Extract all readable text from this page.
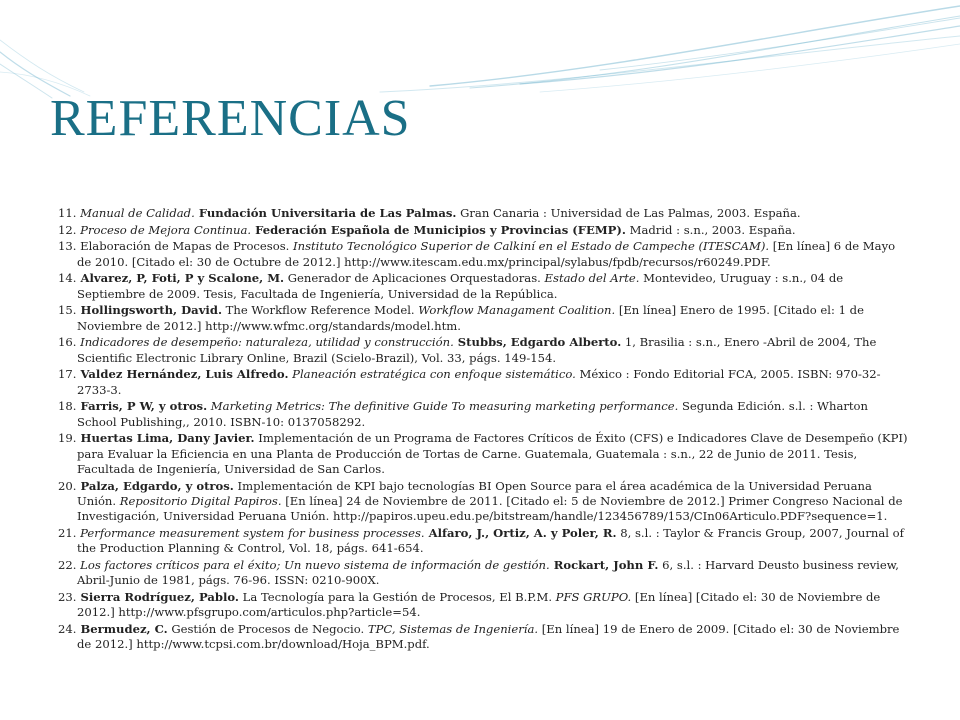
REFERENCIAS
11. Manual de Calidad. Fundación Universitaria de Las Palmas. Gran Canaria : Universidad de Las Palmas, 2003. España.
12. Proceso de Mejora Continua. Federación Española de Municipios y Provincias (FEMP). Madrid : s.n., 2003. España.
13. Elaboración de Mapas de Procesos. Instituto Tecnológico Superior de Calkiní en el Estado de Campeche (ITESCAM). [En línea] 6 de Mayo de 2010. [Citado el: 30 de Octubre de 2012.] http://www.itescam.edu.mx/principal/sylabus/fpdb/recursos/r60249.PDF.
14. Alvarez, P, Foti, P y Scalone, M. Generador de Aplicaciones Orquestadoras. Estado del Arte. Montevideo, Uruguay : s.n., 04 de Septiembre de 2009. Tesis, Facultada de Ingeniería, Universidad de la República.
15. Hollingsworth, David. The Workflow Reference Model. Workflow Managament Coalition. [En línea] Enero de 1995. [Citado el: 1 de Noviembre de 2012.] http://www.wfmc.org/standards/model.htm.
16. Indicadores de desempeño: naturaleza, utilidad y construcción. Stubbs, Edgardo Alberto. 1, Brasilia : s.n., Enero -Abril de 2004, The Scientific Electronic Library Online, Brazil (Scielo-Brazil), Vol. 33, págs. 149-154.
17. Valdez Hernández, Luis Alfredo. Planeación estratégica con enfoque sistemático. México : Fondo Editorial FCA, 2005. ISBN: 970-32-2733-3.
18. Farris, P W, y otros. Marketing Metrics: The definitive Guide To measuring marketing performance. Segunda Edición. s.l. : Wharton School Publishing,, 2010. ISBN-10: 0137058292.
19. Huertas Lima, Dany Javier. Implementación de un Programa de Factores Críticos de Éxito (CFS) e Indicadores Clave de Desempeño (KPI) para Evaluar la Eficiencia en una Planta de Producción de Tortas de Carne. Guatemala, Guatemala : s.n., 22 de Junio de 2011. Tesis, Facultada de Ingeniería, Universidad de San Carlos.
20. Palza, Edgardo, y otros. Implementación de KPI bajo tecnologías BI Open Source para el área académica de la Universidad Peruana Unión. Repositorio Digital Papiros. [En línea] 24 de Noviembre de 2011. [Citado el: 5 de Noviembre de 2012.] Primer Congreso Nacional de Investigación, Universidad Peruana Unión. http://papiros.upeu.edu.pe/bitstream/handle/123456789/153/CIn06Articulo.PDF?sequence=1.
21. Performance measurement system for business processes. Alfaro, J., Ortiz, A. y Poler, R. 8, s.l. : Taylor & Francis Group, 2007, Journal of the Production Planning & Control, Vol. 18, págs. 641-654.
22. Los factores críticos para el éxito; Un nuevo sistema de información de gestión. Rockart, John F. 6, s.l. : Harvard Deusto business review, Abril-Junio de 1981, págs. 76-96. ISSN: 0210-900X.
23. Sierra Rodríguez, Pablo. La Tecnología para la Gestión de Procesos, El B.P.M. PFS GRUPO. [En línea] [Citado el: 30 de Noviembre de 2012.] http://www.pfsgrupo.com/articulos.php?article=54.
24. Bermudez, C. Gestión de Procesos de Negocio. TPC, Sistemas de Ingeniería. [En línea] 19 de Enero de 2009. [Citado el: 30 de Noviembre de 2012.] http://www.tcpsi.com.br/download/Hoja_BPM.pdf.
